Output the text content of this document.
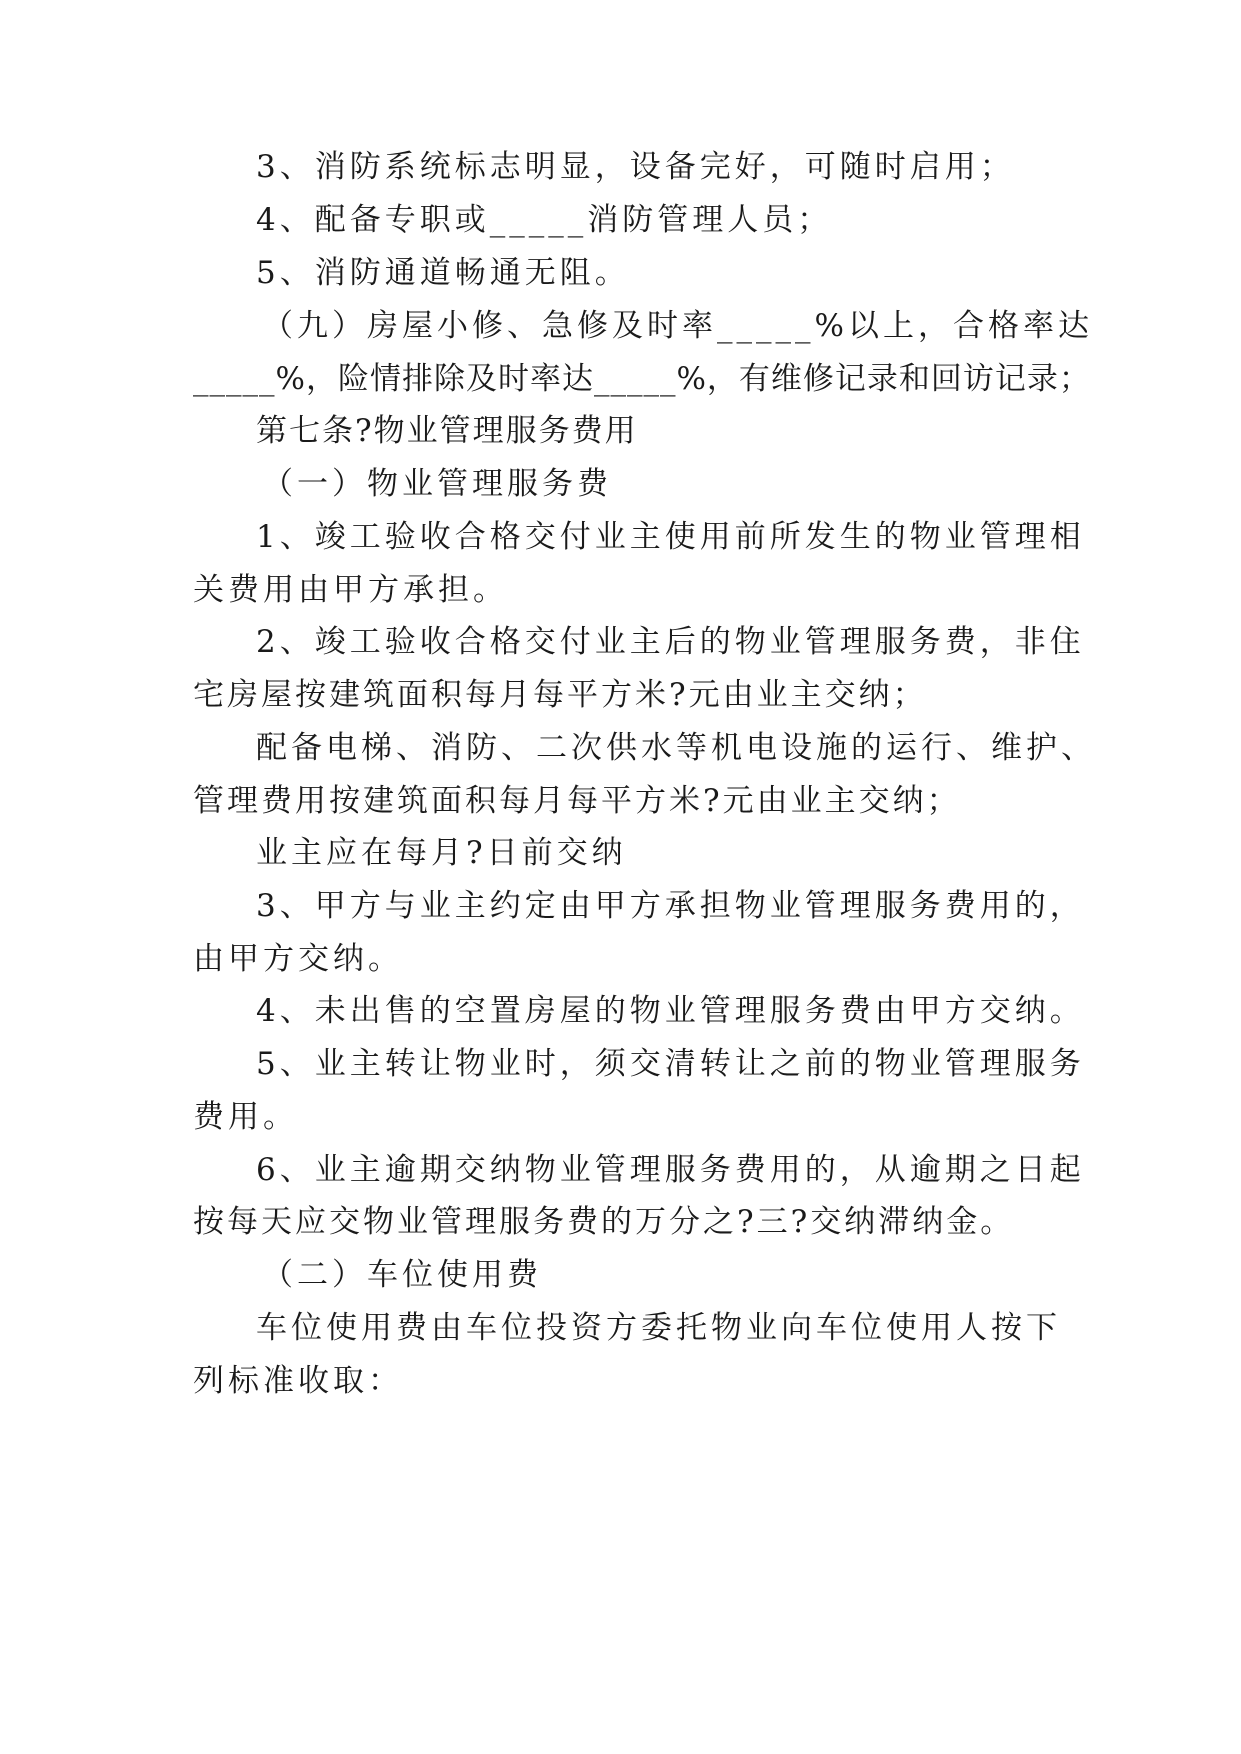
3、消防系统标志明显，设备完好，可随时启用；
4、配备专职或_____消防管理人员；
5、消防通道畅通无阻。
（九）房屋小修、急修及时率_____%以上，合格率达
_____%，险情排除及时率达_____%，有维修记录和回访记录；
第七条?物业管理服务费用
（一）物业管理服务费
1、竣工验收合格交付业主使用前所发生的物业管理相
关费用由甲方承担。
2、竣工验收合格交付业主后的物业管理服务费，非住
宅房屋按建筑面积每月每平方米?元由业主交纳；
配备电梯、消防、二次供水等机电设施的运行、维护、
管理费用按建筑面积每月每平方米?元由业主交纳；
业主应在每月?日前交纳
3、甲方与业主约定由甲方承担物业管理服务费用的，
由甲方交纳。
4、未出售的空置房屋的物业管理服务费由甲方交纳。
5、业主转让物业时，须交清转让之前的物业管理服务
费用。
6、业主逾期交纳物业管理服务费用的，从逾期之日起
按每天应交物业管理服务费的万分之?三?交纳滞纳金。
（二）车位使用费
车位使用费由车位投资方委托物业向车位使用人按下
列标准收取：
